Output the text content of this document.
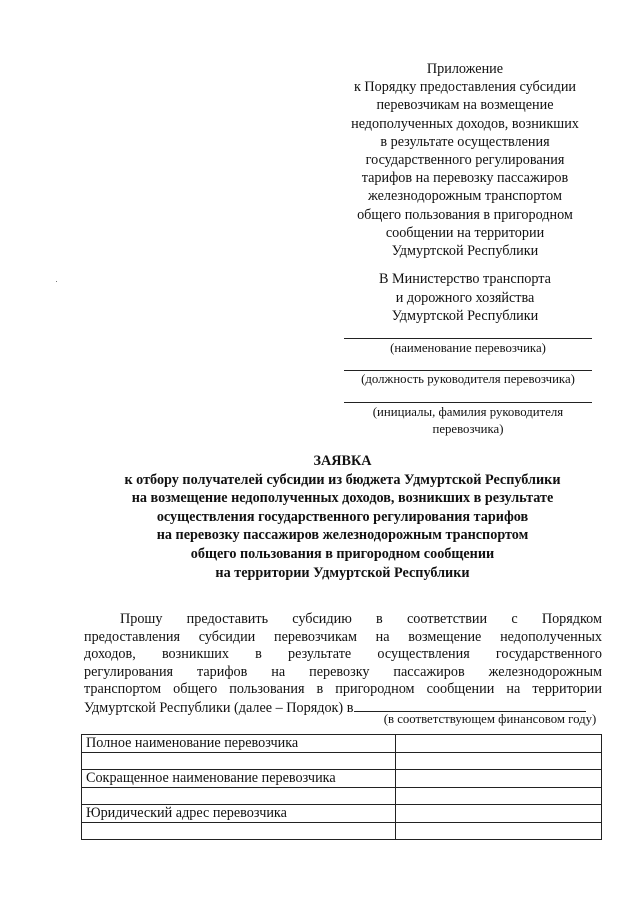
Приложение
к Порядку предоставления субсидии
перевозчикам на возмещение
недополученных доходов, возникших
в результате осуществления
государственного регулирования
тарифов на перевозку пассажиров
железнодорожным транспортом
общего пользования в пригородном
сообщении на территории
Удмуртской Республики
В Министерство транспорта
и дорожного хозяйства
Удмуртской Республики
(наименование перевозчика)
(должность руководителя перевозчика)
(инициалы, фамилия руководителя
перевозчика)
ЗАЯВКА
к отбору получателей субсидии из бюджета Удмуртской Республики
на возмещение недополученных доходов, возникших в результате
осуществления государственного регулирования тарифов
на перевозку пассажиров железнодорожным транспортом
общего пользования в пригородном сообщении
на территории Удмуртской Республики
Прошу предоставить субсидию в соответствии с Порядком
предоставления субсидии перевозчикам на возмещение недополученных
доходов, возникших в результате осуществления государственного
регулирования тарифов на перевозку пассажиров железнодорожным
транспортом общего пользования в пригородном сообщении на территории
Удмуртской Республики (далее – Порядок) в
(в соответствующем финансовом году)
Полное наименование перевозчика	

Сокращенное наименование перевозчика	

Юридический адрес перевозчика	
